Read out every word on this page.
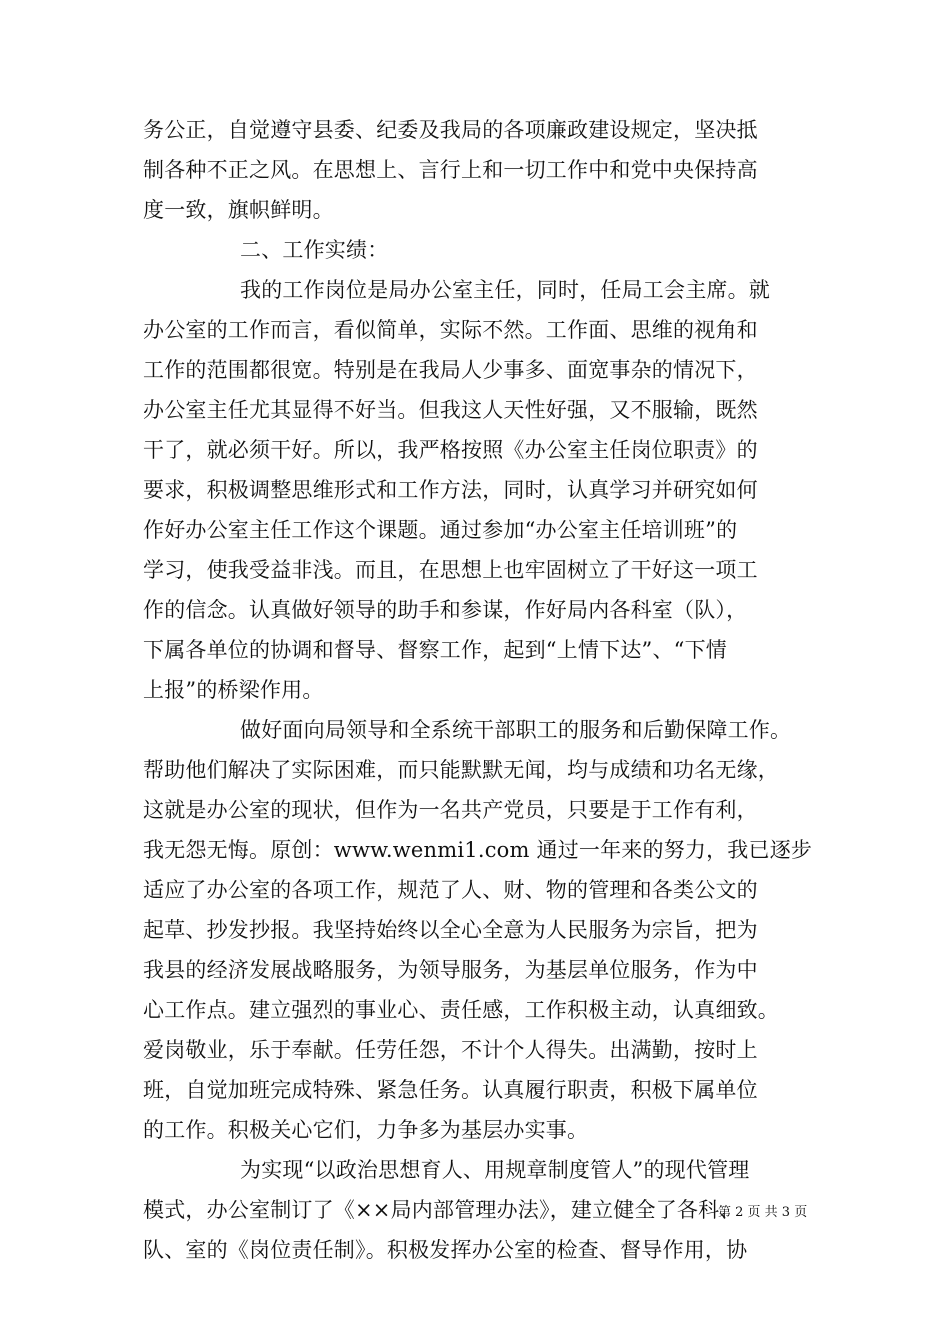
务公正，自觉遵守县委、纪委及我局的各项廉政建设规定，坚决抵
制各种不正之风。在思想上、言行上和一切工作中和党中央保持高
度一致，旗帜鲜明。
二、工作实绩：
我的工作岗位是局办公室主任，同时，任局工会主席。就
办公室的工作而言，看似简单，实际不然。工作面、思维的视角和
工作的范围都很宽。特别是在我局人少事多、面宽事杂的情况下，
办公室主任尤其显得不好当。但我这人天性好强，又不服输，既然
干了，就必须干好。所以，我严格按照《办公室主任岗位职责》的
要求，积极调整思维形式和工作方法，同时，认真学习并研究如何
作好办公室主任工作这个课题。通过参加“办公室主任培训班”的
学习，使我受益非浅。而且，在思想上也牢固树立了干好这一项工
作的信念。认真做好领导的助手和参谋，作好局内各科室（队），
下属各单位的协调和督导、督察工作，起到“上情下达”、“下情
上报”的桥梁作用。
做好面向局领导和全系统干部职工的服务和后勤保障工作。
帮助他们解决了实际困难，而只能默默无闻，均与成绩和功名无缘，
这就是办公室的现状，但作为一名共产党员，只要是于工作有利，
我无怨无悔。原创：www.wenmi1.com 通过一年来的努力，我已逐步
适应了办公室的各项工作，规范了人、财、物的管理和各类公文的
起草、抄发抄报。我坚持始终以全心全意为人民服务为宗旨，把为
我县的经济发展战略服务，为领导服务，为基层单位服务，作为中
心工作点。建立强烈的事业心、责任感，工作积极主动，认真细致。
爱岗敬业，乐于奉献。任劳任怨，不计个人得失。出满勤，按时上
班，自觉加班完成特殊、紧急任务。认真履行职责，积极下属单位
的工作。积极关心它们，力争多为基层办实事。
为实现“以政治思想育人、用规章制度管人”的现代管理
模式，办公室制订了《××局内部管理办法》，建立健全了各科、
队、室的《岗位责任制》。积极发挥办公室的检查、督导作用，协
第 2 页 共 3 页
